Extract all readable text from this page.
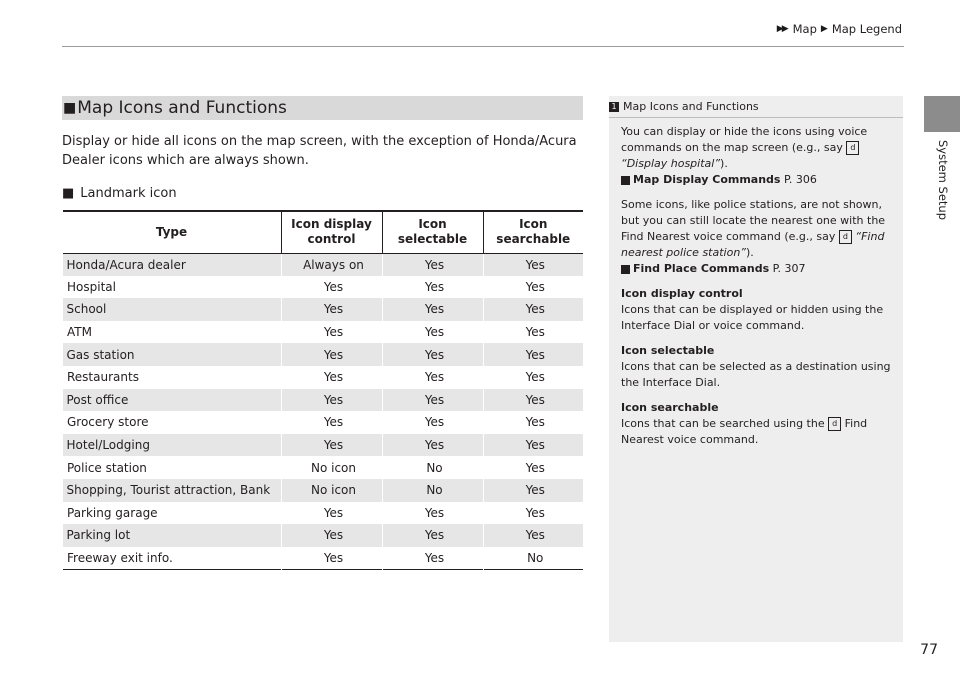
▶▶ Map ▶ Map Legend
System Setup
■ Map Icons and Functions
Display or hide all icons on the map screen, with the exception of Honda/Acura Dealer icons which are always shown.
■ Landmark icon
Type	Icon display control	Icon selectable	Icon searchable
Honda/Acura dealer	Always on	Yes	Yes
Hospital	Yes	Yes	Yes
School	Yes	Yes	Yes
ATM	Yes	Yes	Yes
Gas station	Yes	Yes	Yes
Restaurants	Yes	Yes	Yes
Post office	Yes	Yes	Yes
Grocery store	Yes	Yes	Yes
Hotel/Lodging	Yes	Yes	Yes
Police station	No icon	No	Yes
Shopping, Tourist attraction, Bank	No icon	No	Yes
Parking garage	Yes	Yes	Yes
Parking lot	Yes	Yes	Yes
Freeway exit info.	Yes	Yes	No
1 Map Icons and Functions

You can display or hide the icons using voice commands on the map screen (e.g., say d “Display hospital”).
Map Display Commands P. 306

Some icons, like police stations, are not shown, but you can still locate the nearest one with the Find Nearest voice command (e.g., say d “Find nearest police station”).
Find Place Commands P. 307

Icon display control
Icons that can be displayed or hidden using the Interface Dial or voice command.

Icon selectable
Icons that can be selected as a destination using the Interface Dial.

Icon searchable
Icons that can be searched using the d Find Nearest voice command.

77
